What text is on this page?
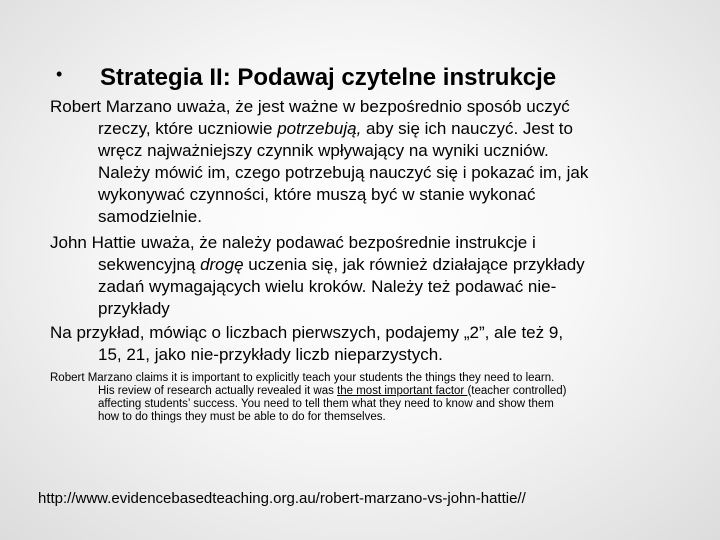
• Strategia II: Podawaj czytelne instrukcje
Robert Marzano uważa, że jest ważne w bezpośrednio sposób uczyć
rzeczy, które uczniowie potrzebują, aby się ich nauczyć. Jest to
wręcz najważniejszy czynnik wpływający na wyniki uczniów.
Należy mówić im, czego potrzebują nauczyć się i pokazać im, jak
wykonywać czynności, które muszą być w stanie wykonać
samodzielnie.
John Hattie uważa, że należy podawać bezpośrednie instrukcje i
sekwencyjną drogę uczenia się, jak również działające przykłady
zadań wymagających wielu kroków. Należy też podawać nie-
przykłady
Na przykład, mówiąc o liczbach pierwszych, podajemy „2”, ale też 9,
15, 21, jako nie-przykłady liczb nieparzystych.
Robert Marzano claims it is important to explicitly teach your students the things they need to learn.
His review of research actually revealed it was the most important factor (teacher controlled)
affecting students’ success. You need to tell them what they need to know and show them
how to do things they must be able to do for themselves.
http://www.evidencebasedteaching.org.au/robert-marzano-vs-john-hattie//
